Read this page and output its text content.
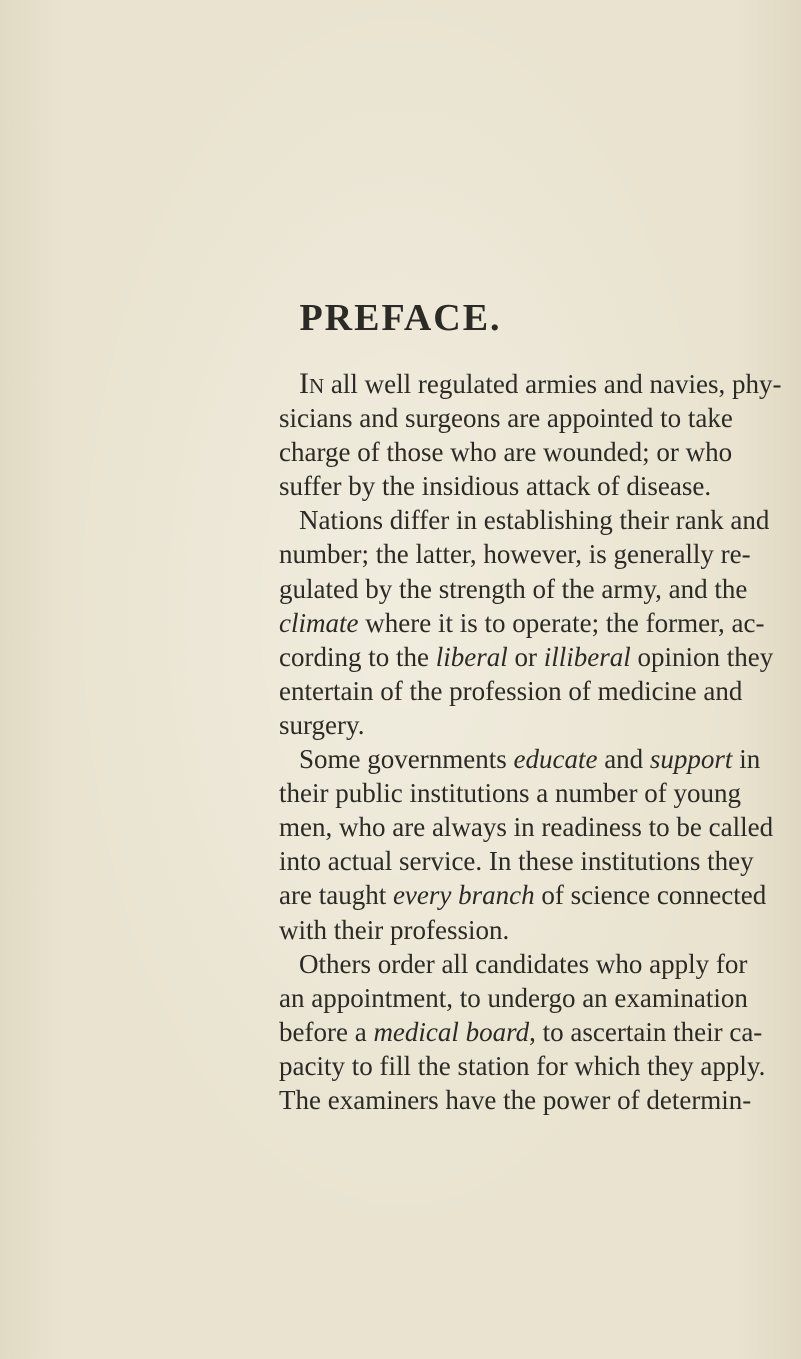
PREFACE.
IN all well regulated armies and navies, phy-
sicians and surgeons are appointed to take
charge of those who are wounded; or who
suffer by the insidious attack of disease.
Nations differ in establishing their rank and
number; the latter, however, is generally re-
gulated by the strength of the army, and the
climate where it is to operate; the former, ac-
cording to the liberal or illiberal opinion they
entertain of the profession of medicine and
surgery.
Some governments educate and support in
their public institutions a number of young
men, who are always in readiness to be called
into actual service. In these institutions they
are taught every branch of science connected
with their profession.
Others order all candidates who apply for
an appointment, to undergo an examination
before a medical board, to ascertain their ca-
pacity to fill the station for which they apply.
The examiners have the power of determin-
